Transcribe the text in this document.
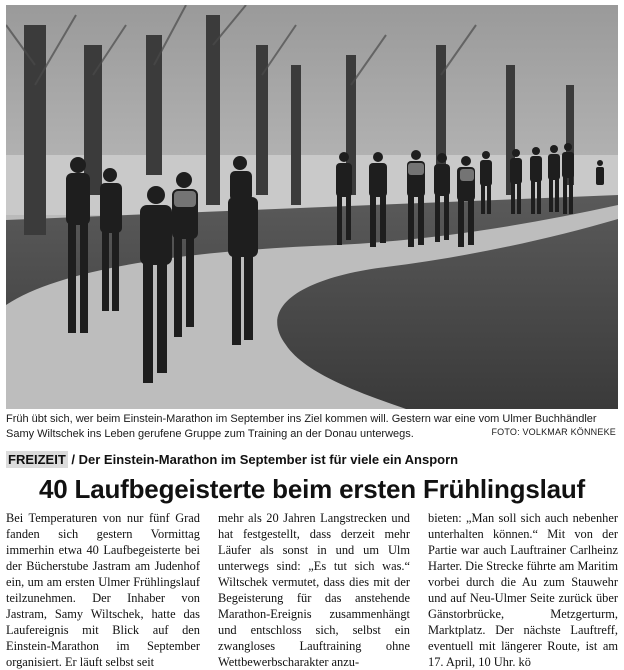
Früh übt sich, wer beim Einstein-Marathon im September ins Ziel kommen will. Gestern war eine vom Ulmer Buchhändler Samy Wiltschek ins Leben gerufene Gruppe zum Training an der Donau unterwegs.	FOTO: VOLKMAR KÖNNEKE
FREIZEIT / Der Einstein-Marathon im September ist für viele ein Ansporn
40 Laufbegeisterte beim ersten Frühlingslauf
Bei Temperaturen von nur fünf Grad fanden sich gestern Vormittag immerhin etwa 40 Laufbegeisterte bei der Bücherstube Jastram am Judenhof ein, um am ersten Ulmer Frühlingslauf teilzunehmen. Der Inhaber von Jastram, Samy Wiltschek, hatte das Laufereignis mit Blick auf den Einstein-Marathon im September organisiert. Er läuft selbst seit
mehr als 20 Jahren Langstrecken und hat festgestellt, dass derzeit mehr Läufer als sonst in und um Ulm unterwegs sind: „Es tut sich was.“ Wiltschek vermutet, dass dies mit der Begeisterung für das anstehende Marathon-Ereignis zusammenhängt und entschloss sich, selbst ein zwangloses Lauftraining ohne Wettbewerbscharakter anzu-
bieten: „Man soll sich auch nebenher unterhalten können.“ Mit von der Partie war auch Lauftrainer Carlheinz Harter. Die Strecke führte am Maritim vorbei durch die Au zum Stauwehr und auf Neu-Ulmer Seite zurück über Gänstorbrücke, Metzgerturm, Marktplatz. Der nächste Lauftreff, eventuell mit längerer Route, ist am 17. April, 10 Uhr. kö
